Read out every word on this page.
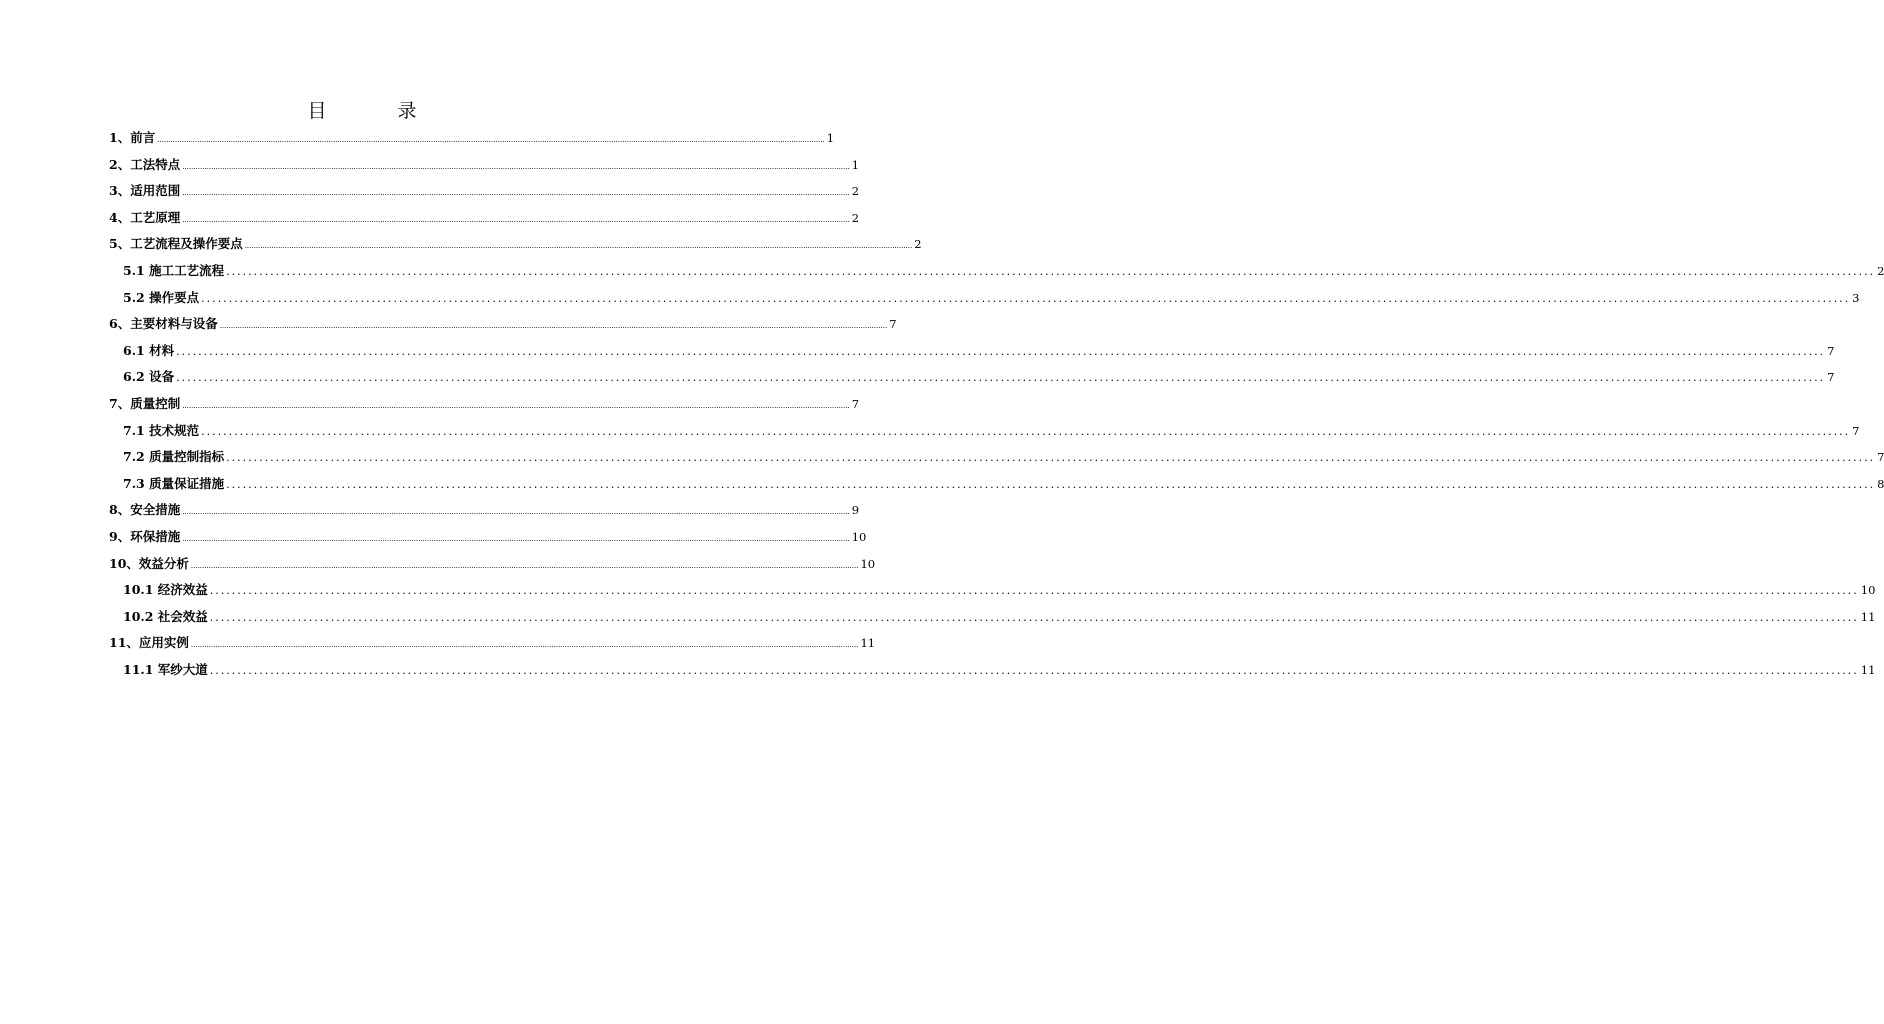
目　录
1、前言 ............................................................................................................................................................................................................................................................................................................ 1
2、工法特点 ............................................................................................................................................................................................................................................................................................................ 1
3、适用范围 ............................................................................................................................................................................................................................................................................................................ 2
4、工艺原理 ............................................................................................................................................................................................................................................................................................................ 2
5、工艺流程及操作要点 ............................................................................................................................................................................................................................................................................................................ 2
5.1 施工工艺流程 ............................................................................................................................................................................................................................................................................................................ 2
5.2 操作要点 ............................................................................................................................................................................................................................................................................................................ 3
6、主要材料与设备 ............................................................................................................................................................................................................................................................................................................ 7
6.1 材料 ............................................................................................................................................................................................................................................................................................................ 7
6.2 设备 ............................................................................................................................................................................................................................................................................................................ 7
7、质量控制 ............................................................................................................................................................................................................................................................................................................ 7
7.1 技术规范 ............................................................................................................................................................................................................................................................................................................ 7
7.2 质量控制指标 ............................................................................................................................................................................................................................................................................................................ 7
7.3 质量保证措施 ............................................................................................................................................................................................................................................................................................................ 8
8、安全措施 ............................................................................................................................................................................................................................................................................................................ 9
9、环保措施 ............................................................................................................................................................................................................................................................................................................ 10
10、效益分析 ............................................................................................................................................................................................................................................................................................................ 10
10.1 经济效益 ............................................................................................................................................................................................................................................................................................................ 10
10.2 社会效益 ............................................................................................................................................................................................................................................................................................................ 11
11、应用实例 ............................................................................................................................................................................................................................................................................................................ 11
11.1 军纱大道 ............................................................................................................................................................................................................................................................................................................ 11
